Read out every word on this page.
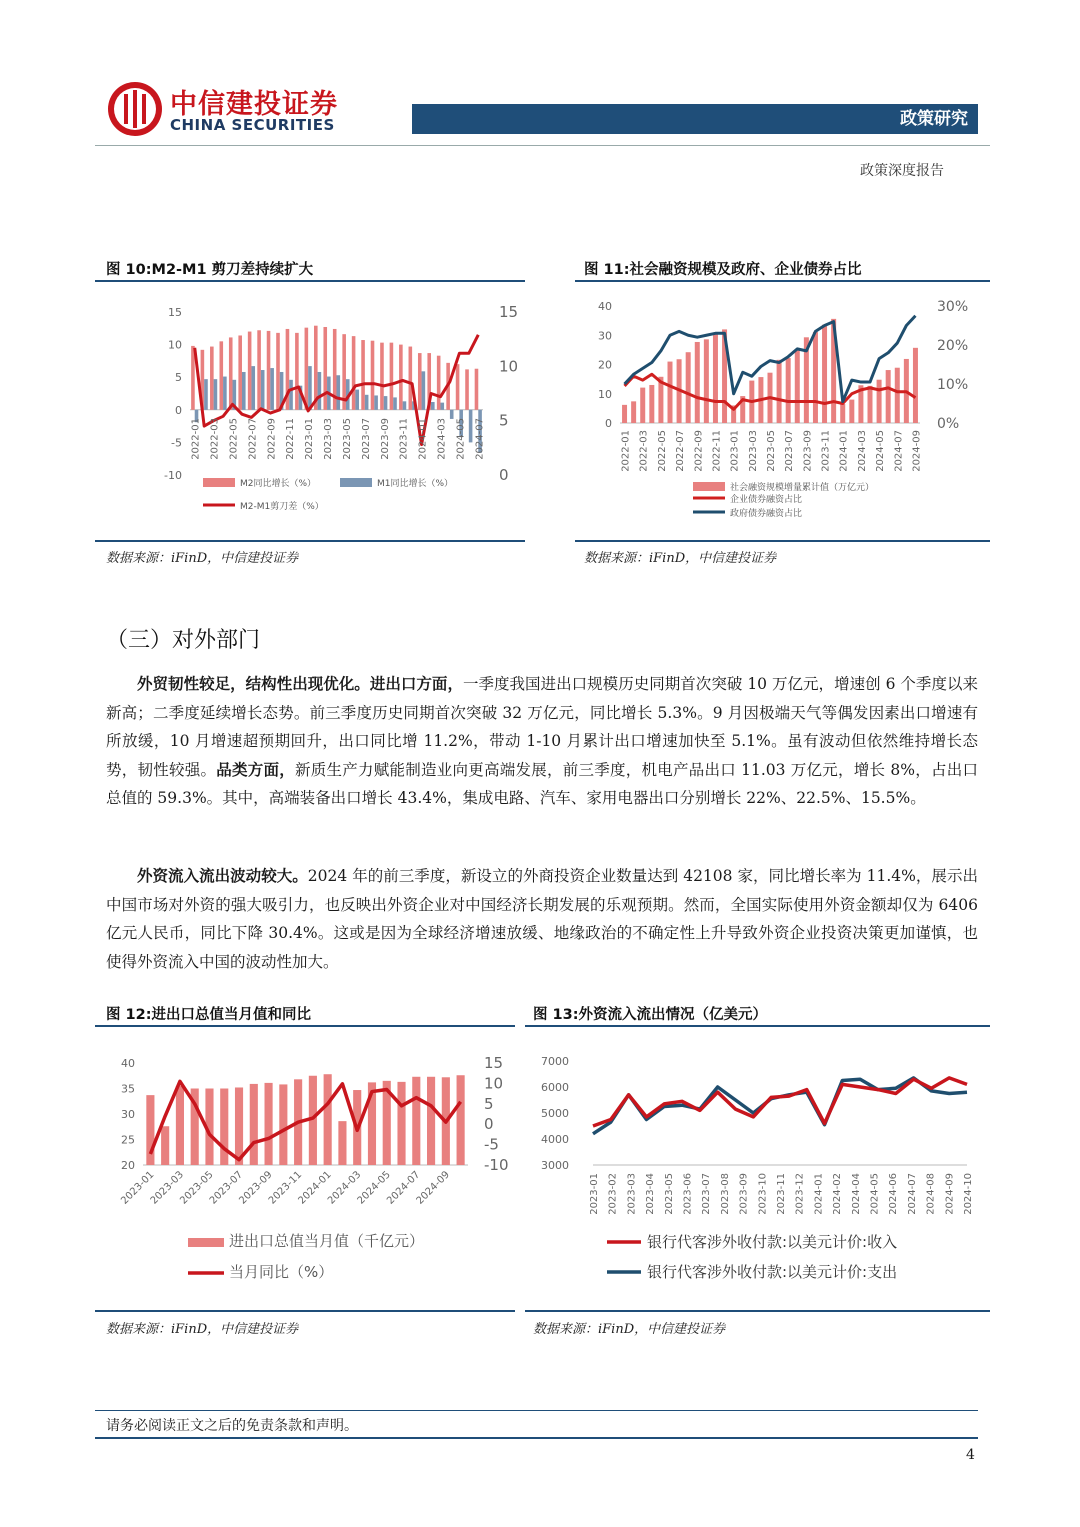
中信建投证券
CHINA SECURITIES	政策研究
政策深度报告
图 10:M2-M1 剪刀差持续扩大
15
10
5
0
-5
-10
15
10
5
0
2022-01 2022-03 2022-05 2022-07 2022-09 2022-11 2023-01 2023-03 2023-05 2023-07 2023-09 2023-11 2024-01 2024-03 2024-05 2024-07
M2同比增长（%）	M1同比增长（%）
M2-M1剪刀差（%）
数据来源：iFinD，中信建投证券
图 11:社会融资规模及政府、企业债券占比
40
30
20
10
0
30%
20%
10%
0%
2022-01 2022-03 2022-05 2022-07 2022-09 2022-11 2023-01 2023-03 2023-05 2023-07 2023-09 2023-11 2024-01 2024-03 2024-05 2024-07 2024-09
社会融资规模增量累计值（万亿元）
企业债券融资占比
政府债券融资占比
数据来源：iFinD，中信建投证券
（三）对外部门
外贸韧性较足，结构性出现优化。进出口方面，一季度我国进出口规模历史同期首次突破 10 万亿元，增速创 6 个季度以来新高；二季度延续增长态势。前三季度历史同期首次突破 32 万亿元，同比增长 5.3%。9 月因极端天气等偶发因素出口增速有所放缓，10 月增速超预期回升，出口同比增 11.2%，带动 1-10 月累计出口增速加快至 5.1%。虽有波动但依然维持增长态势，韧性较强。品类方面，新质生产力赋能制造业向更高端发展，前三季度，机电产品出口 11.03 万亿元，增长 8%，占出口总值的 59.3%。其中，高端装备出口增长 43.4%，集成电路、汽车、家用电器出口分别增长 22%、22.5%、15.5%。
外资流入流出波动较大。2024 年的前三季度，新设立的外商投资企业数量达到 42108 家，同比增长率为 11.4%，展示出中国市场对外资的强大吸引力，也反映出外资企业对中国经济长期发展的乐观预期。然而，全国实际使用外资金额却仅为 6406 亿元人民币，同比下降 30.4%。这或是因为全球经济增速放缓、地缘政治的不确定性上升导致外资企业投资决策更加谨慎，也使得外资流入中国的波动性加大。
图 12:进出口总值当月值和同比
40
35
30
25
20
15
10
5
0
-5
-10
2023-01
2023-03
2023-05
2023-07
2023-09
2023-11
2024-01
2024-03
2024-05
2024-07
2024-09
进出口总值当月值（千亿元）
当月同比（%）
数据来源：iFinD，中信建投证券
图 13:外资流入流出情况（亿美元）
7000
6000
5000
4000
3000
2023-01 2023-02 2023-03 2023-04 2023-05 2023-06 2023-07 2023-08 2023-09 2023-10 2023-11 2023-12 2024-01 2024-02 2024-04 2024-05 2024-06 2024-07 2024-08 2024-09 2024-10
银行代客涉外收付款:以美元计价:收入
银行代客涉外收付款:以美元计价:支出
数据来源：iFinD，中信建投证券
请务必阅读正文之后的免责条款和声明。
4
